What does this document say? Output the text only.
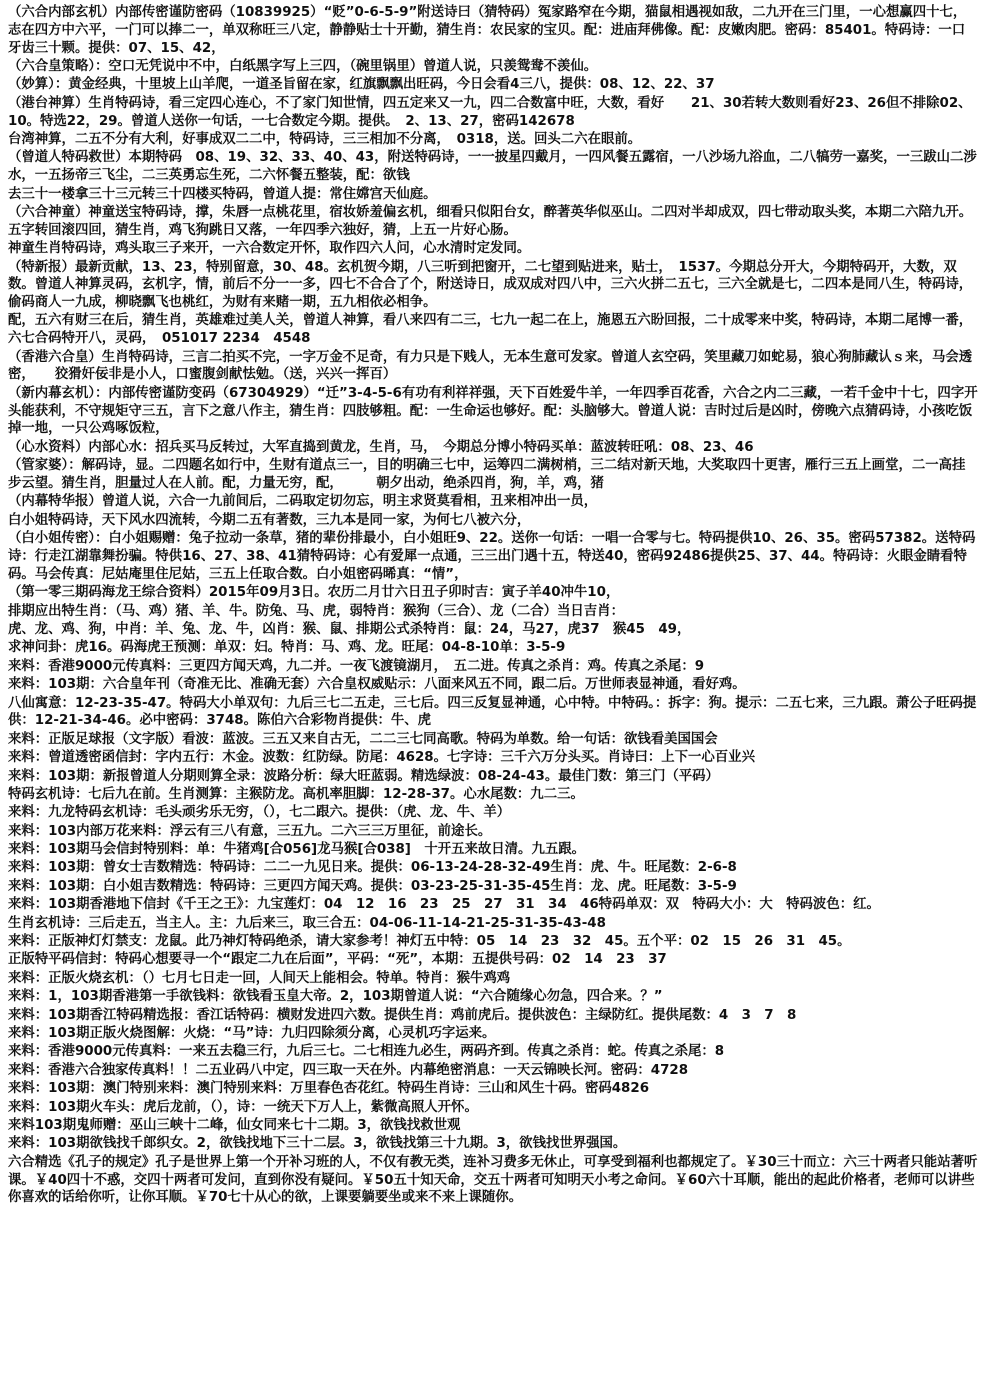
（六合内部玄机）内部传密谨防密码（10839925）“贬”0-6-5-9”附送诗曰（猜特码）冤家路窄在今期，猫鼠相遇视如敌，二九开在三门里，一心想赢四十七，志在四方中六平，一门可以捧二一，单双称旺三八定，静静贴士十开勤，猜生肖：农民家的宝贝。配：进庙拜佛像。配：皮嫩肉肥。密码：85401。特码诗：一口牙齿三十颗。提供：07、15、42，
（六合皇策略）：空口无凭说中不中，白纸黑字写上三四，（碗里锅里）曾道人说，只羡鸳鸯不羡仙。
（妙算）：黄金经典，十里坡上山羊爬，一道圣旨留在家，红旗飘飘出旺码，今日会看4三八，提供：08、12、22、37
（港台神算）生肖特码诗，看三定四心连心，不了家门知世情，四五定来又一九，四二合数富中旺，大数，看好　　21、30若转大数则看好23、26但不排除02、10。特选22，29。曾道人送你一句话，一七合数定今期。提供。　2、13、27，密码142678
台湾神算，二五不分有大利，好事成双二二中，特码诗，三三相加不分离，　0318，送。回头二六在眼前。
（曾道人特码救世）本期特码　08、19、32、33、40、43，附送特码诗，一一披星四戴月，一四风餐五露宿，一八沙场九浴血，二八犒劳一嘉奖，一三跋山二涉水，一五扬帝三飞尘，二三英勇忘生死，二六怀餐五整装，配：欲钱
去三十一楼拿三十三元转三十四楼买特码，曾道人提：常住嫦宫天仙庭。
（六合神童）神童送宝特码诗，撑，朱唇一点桃花里，宿妆娇羞偏玄机，细看只似阳台女，醉著英华似巫山。二四对半却成双，四七带动取头奖，本期二六陪九开。五字转回滚四回，猜生肖，鸡飞狗跳日又落，一年四季六独好，猜，上五一片好心肠。
神童生肖特码诗，鸡头取三子来开，一六合数定开怀，取作四六人问，心水清时定发同。
（特新报）最新贡献，13、23，特别留意，30、48。玄机贺今期，八三听到把窗开，二七望到贴进来，贴士，　1537。今期总分开大，今期特码开，大数，双数。曾道人神算灵码，玄机字，情，前后不分一一多，四七不合合了个，附送诗日，成双成对四八中，三六火拼二五七，三六全就是七，二四本是同八生，特码诗，偷码商人一九成，柳晓飘飞也桃红，为财有来赌一期，五九相依必相争。
配，五六有财三在后，猜生肖，英雄难过美人关，曾道人神算，看八来四有二三，七九一起二在上，施恩五六盼回报，二十成零来中奖，特码诗，本期二尾博一番，六七合码特开八，灵码，　051017 2234　4548
（香港六合皇）生肖特码诗，三言二拍买不完，一字万金不足奇，有力只是下贱人，无本生意可发家。曾道人玄空码，笑里藏刀如蛇易，狼心狗肺藏认ｓ来，马会透密，　　狡猾奸佞非是小人，口蜜腹剑献怯勉。（送，兴兴一挥百）
（新内幕玄机）：内部传密谨防变码（67304929）“迁”3-4-5-6有功有利祥祥强，天下百姓爱牛羊，一年四季百花香，六合之内二三藏，一若千金中十七，四字开头能获利，不守规矩守三五，言下之意八作主，猜生肖：四肢够粗。配：一生命运也够好。配：头脑够大。曾道人说：吉时过后是凶时，傍晚六点猜码诗，小孩吃饭掉一地，一只公鸡啄饭粒，
（心水资料）内部心水：招兵买马反转过，大军直捣到黄龙，生肖，马，　今期总分博小特码买单：蓝波转旺吼：08、23、46
（管家婆）：解码诗，显。二四题名如行中，生财有道点三一，目的明确三七中，运筹四二满树梢，三二结对新天地，大奖取四十更害，雁行三五上画堂，二一高挂步云望。猜生肖，胆量过人在人前。配，力量无穷，配，　　　朝夕出动，绝杀四肖，狗，羊，鸡，猪
（内幕特华报）曾道人说，六合一九前间后，二码取定切勿忘，明主求贤莫看相，丑来相冲出一员，
白小姐特码诗，天下风水四流转，今期二五有著数，三九本是同一家，为何七八被六分，
（白小姐传密）：白小姐赐赠：兔子拉动一条草，猪的辈份排最小，白小姐旺9、22。送你一句话：一唱一合零与七。特码提供10、26、35。密码57382。送特码诗：行走江湖靠舞扮骗。特供16、27、38、41猜特码诗：心有爱犀一点通，三三出门遇十五，特送40，密码92486提供25、37、44。特码诗：火眼金睛看特码。马会传真：尼姑庵里住尼姑，三五上任取合数。白小姐密码晞真：“情”，
（第一零三期码海龙王综合资料）2015年09月3日。农历二月廿六日丑子卯时吉：寅子羊40冲牛10，
排期应出特生肖：（马、鸡）猪、羊、牛。防兔、马、虎，弱特肖：猴狗（三合）、龙（二合）当日吉肖：
虎、龙、鸡、狗，中肖：羊、兔、龙、牛，凶肖：猴、鼠、排期公式杀特肖：鼠：24，马27，虎37　猴45　49，
求神问卦：虎16。码海虎王预测：单双：妇。特肖：马、鸡、龙。旺尾：04-8-10单：3-5-9
来料：香港9000元传真料：三更四方闻天鸡，九二并。一夜飞渡镜湖月，　五二进。传真之杀肖：鸡。传真之杀尾：9
来料：103期：六合皇年刊（奇准无比、准确无套）六合皇权威贴示：八面来风五不同，跟二后。万世师表显神通，看好鸡。
八仙寓意：12-23-35-47。特码大小单双句：九后三七二五走，三七后。四三反复显神通，心中特。中特码。：拆字：狗。提示：二五七来，三九跟。萧公子旺码提供：12-21-34-46。必中密码：3748。陈伯六合彩物肖提供：牛、虎
来料：正版足球报（文字版）看波：蓝波。三五又来自古无，二二三七同高歌。特码为单数。给一句话：欲钱看美国国会
来料：曾道透密函信封：字内五行：木金。波数：红防绿。防尾：4628。七字诗：三千六万分头买。肖诗曰：上下一心百业兴
来料：103期：新报曾道人分期则算全录：波路分析：绿大旺蓝弱。精选绿波：08-24-43。最佳门数：第三门（平码）
特码玄机诗：七后九在前。生肖测算：主猴防龙。高机率胆脚：12-28-37。心水尾数：九二三。
来料：九龙特码玄机诗：毛头顽劣乐无穷，（），七二跟六。提供：（虎、龙、牛、羊）
来料：103内部万花来料：浮云有三八有意，三五九。二六三三万里征，前途长。
来料：103期马会信封特别料：单：牛猪鸡[合056]龙马猴[合038]　十开五来故日清。九五跟。
来料：103期：曾女士吉数精选：特码诗：二二一九见日来。提供：06-13-24-28-32-49生肖：虎、牛。旺尾数：2-6-8
来料：103期：白小姐吉数精选：特码诗：三更四方闻天鸡。提供：03-23-25-31-35-45生肖：龙、虎。旺尾数：3-5-9
来料：103期香港地下信封《千王之王》：九宝莲灯：04　12　16　23　25　27　31　34　46特码单双：双　特码大小：大　特码波色：红。
生肖玄机诗：三后走五，当主人。主：九后来三，取三合五：04-06-11-14-21-25-31-35-43-48
来料：正版神灯灯禁支：龙鼠。此乃神灯特码绝杀，请大家参考！神灯五中特：05　14　23　32　45。五个平：02　15　26　31　45。
正版特平码信封：特码心想要寻一个“跟定二九在后面”，平码：“死”，本期：五提供号码：02　14　23　37
来料：正版火烧玄机：（）七月七日走一回，人间天上能相会。特单。特肖：猴牛鸡鸡
来料：1，103期香港第一手欲钱料：欲钱看玉皇大帝。2，103期曾道人说：“六合随缘心勿急，四合来。？”
来料：103期香江特码精选报：香江话特码：横财发进四六数。提供生肖：鸡前虎后。提供波色：主绿防红。提供尾数：4　3　7　8
来料：103期正版火烧图解：火烧：“马”诗：九归四除须分离，心灵机巧字运来。
来料：香港9000元传真料：一来五去稳三行，九后三七。二七相连九必生，两码齐到。传真之杀肖：蛇。传真之杀尾：8
来料：香港六合独家传真料！！二五业码八中定，四三取一天在外。内幕绝密消息：一天云锦映长河。密码：4728
来料：103期：澳门特别来料：澳门特别来料：万里春色杏花红。特码生肖诗：三山和风生十码。密码4826
来料：103期火车头：虎后龙前，（），诗：一统天下万人上，紫微高照人开怀。
来料103期鬼师赠：巫山三峡十二峰，仙女同来七十二期。3，欲钱找救世观
来料：103期欲钱找千郎织女。2，欲钱找地下三十二层。3，欲钱找第三十九期。3，欲钱找世界强国。
六合精选《孔子的规定》孔子是世界上第一个开补习班的人，不仅有教无类，连补习费多无休止，可享受到福利也都规定了。￥30三十而立：六三十两者只能站著听课。￥40四十不惑，交四十两者可发问，直到你没有疑问。￥50五十知天命，交五十两者可知明天小考之命问。￥60六十耳顺，能出的起此价格者，老师可以讲些你喜欢的话给你听，让你耳顺。￥70七十从心的欲，上课要躺要坐或来不来上课随你。
